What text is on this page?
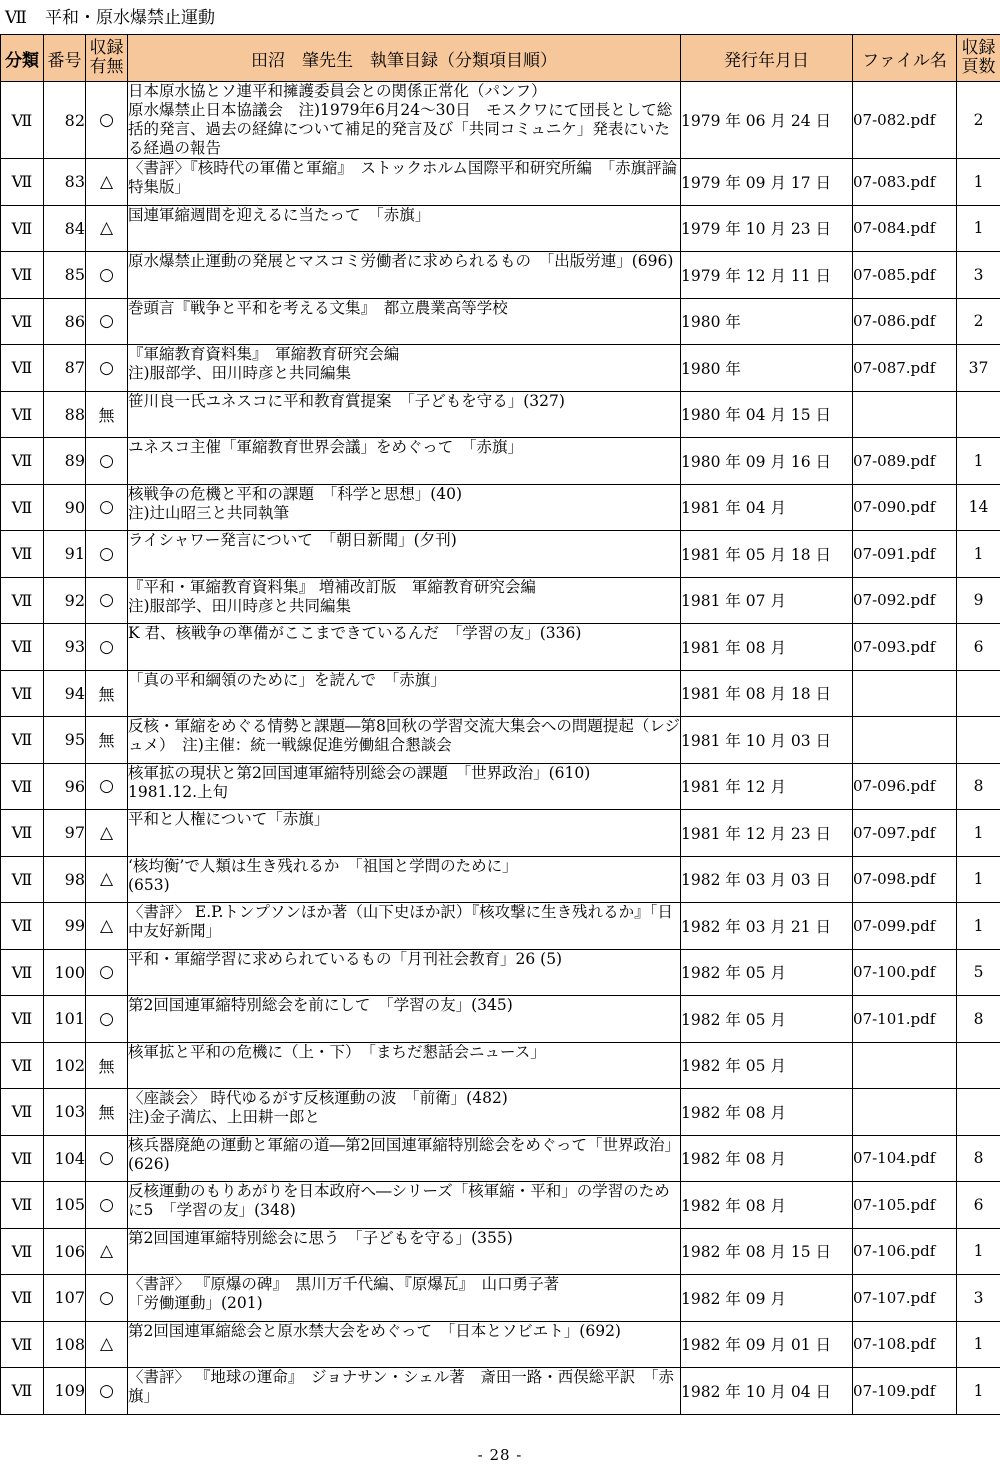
Ⅶ 平和・原水爆禁止運動
分類	番号	収録
有無	田沼　肇先生　執筆目録（分類項目順）	発行年月日	ファイル名	収録
頁数

Ⅶ	82	○	日本原水協とソ連平和擁護委員会との関係正常化（パンフ）
原水爆禁止日本協議会　注)1979年6月24～30日　モスクワにて団長として総括的発言、過去の経緯について補足的発言及び「共同コミュニケ」発表にいたる経過の報告	1979 年 06 月 24 日	07-082.pdf	2
Ⅶ	83	△	〈書評〉『核時代の軍備と軍縮』　ストックホルム国際平和研究所編　「赤旗評論特集版」	1979 年 09 月 17 日	07-083.pdf	1
Ⅶ	84	△	国連軍縮週間を迎えるに当たって　「赤旗」	1979 年 10 月 23 日	07-084.pdf	1
Ⅶ	85	○	原水爆禁止運動の発展とマスコミ労働者に求められるもの　「出版労連」(696)	1979 年 12 月 11 日	07-085.pdf	3
Ⅶ	86	○	巻頭言『戦争と平和を考える文集』　都立農業高等学校	1980 年	07-086.pdf	2
Ⅶ	87	○	『軍縮教育資料集』　軍縮教育研究会編
注)服部学、田川時彦と共同編集	1980 年	07-087.pdf	37
Ⅶ	88	無	笹川良一氏ユネスコに平和教育賞提案　「子どもを守る」(327)	1980 年 04 月 15 日		
Ⅶ	89	○	ユネスコ主催「軍縮教育世界会議」をめぐって　「赤旗」	1980 年 09 月 16 日	07-089.pdf	1
Ⅶ	90	○	核戦争の危機と平和の課題　「科学と思想」(40)
注)辻山昭三と共同執筆	1981 年 04 月	07-090.pdf	14
Ⅶ	91	○	ライシャワー発言について　「朝日新聞」(夕刊)	1981 年 05 月 18 日	07-091.pdf	1
Ⅶ	92	○	『平和・軍縮教育資料集』 増補改訂版　軍縮教育研究会編
注)服部学、田川時彦と共同編集	1981 年 07 月	07-092.pdf	9
Ⅶ	93	○	K 君、核戦争の準備がここまできているんだ　「学習の友」(336)	1981 年 08 月	07-093.pdf	6
Ⅶ	94	無	「真の平和綱領のために」を読んで　「赤旗」	1981 年 08 月 18 日		
Ⅶ	95	無	反核・軍縮をめぐる情勢と課題―第8回秋の学習交流大集会への問題提起（レジュメ）　注)主催：統一戦線促進労働組合懇談会	1981 年 10 月 03 日		
Ⅶ	96	○	核軍拡の現状と第2回国連軍縮特別総会の課題　「世界政治」(610)
1981.12.上旬	1981 年 12 月	07-096.pdf	8
Ⅶ	97	△	平和と人権について「赤旗」	1981 年 12 月 23 日	07-097.pdf	1
Ⅶ	98	△	‘核均衡’で人類は生き残れるか　「祖国と学問のために」
(653)	1982 年 03 月 03 日	07-098.pdf	1
Ⅶ	99	△	〈書評〉 E.P.トンプソンほか著（山下史ほか訳）『核攻撃に生き残れるか』「日中友好新聞」	1982 年 03 月 21 日	07-099.pdf	1
Ⅶ	100	○	平和・軍縮学習に求められているもの「月刊社会教育」26 (5)	1982 年 05 月	07-100.pdf	5
Ⅶ	101	○	第2回国連軍縮特別総会を前にして　「学習の友」(345)	1982 年 05 月	07-101.pdf	8
Ⅶ	102	無	核軍拡と平和の危機に（上・下）　「まちだ懇話会ニュース」	1982 年 05 月		
Ⅶ	103	無	〈座談会〉 時代ゆるがす反核運動の波　「前衛」(482)
注)金子満広、上田耕一郎と	1982 年 08 月		
Ⅶ	104	○	核兵器廃絶の運動と軍縮の道―第2回国連軍縮特別総会をめぐって「世界政治」(626)	1982 年 08 月	07-104.pdf	8
Ⅶ	105	○	反核運動のもりあがりを日本政府へ―シリーズ「核軍縮・平和」の学習のために5　「学習の友」(348)	1982 年 08 月	07-105.pdf	6
Ⅶ	106	△	第2回国連軍縮特別総会に思う　「子どもを守る」(355)	1982 年 08 月 15 日	07-106.pdf	1
Ⅶ	107	○	〈書評〉 『原爆の碑』　黒川万千代編、『原爆瓦』　山口勇子著
「労働運動」(201)	1982 年 09 月	07-107.pdf	3
Ⅶ	108	△	第2回国連軍縮総会と原水禁大会をめぐって　「日本とソビエト」(692)	1982 年 09 月 01 日	07-108.pdf	1
Ⅶ	109	○	〈書評〉 『地球の運命』　ジョナサン・シェル著　斎田一路・西俣総平訳　「赤旗」	1982 年 10 月 04 日	07-109.pdf	1
- 28 -
